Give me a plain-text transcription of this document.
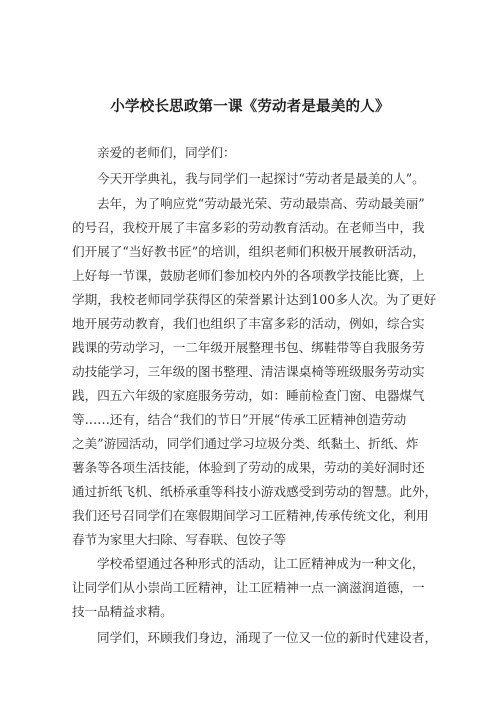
小学校长思政第一课《劳动者是最美的人》
亲爱的老师们，同学们：
今天开学典礼，我与同学们一起探讨“劳动者是最美的人”。
去年，为了响应党“劳动最光荣、劳动最崇高、劳动最美丽”
的号召，我校开展了丰富多彩的劳动教育活动。在老师当中，我
们开展了“当好教书匠”的培训，组织老师们积极开展教研活动，
上好每一节课，鼓励老师们参加校内外的各项教学技能比赛，上
学期，我校老师同学获得区的荣誉累计达到100多人次。为了更好
地开展劳动教育，我们也组织了丰富多彩的活动，例如，综合实
践课的劳动学习，一二年级开展整理书包、绑鞋带等自我服务劳
动技能学习，三年级的图书整理、清洁课桌椅等班级服务劳动实
践，四五六年级的家庭服务劳动，如：睡前检查门窗、电器煤气
等……还有，结合“我们的节日”开展“传承工匠精神创造劳动
之美”游园活动，同学们通过学习垃圾分类、纸黏土、折纸、炸
薯条等各项生活技能，体验到了劳动的成果，劳动的美好洞时还
通过折纸飞机、纸桥承重等科技小游戏感受到劳动的智慧。此外，
我们还号召同学们在寒假期间学习工匠精神,传承传统文化，利用
春节为家里大扫除、写春联、包饺子等
学校希望通过各种形式的活动，让工匠精神成为一种文化，
让同学们从小崇尚工匠精神，让工匠精神一点一滴滋润道德，一
技一品精益求精。
同学们，环顾我们身边，涌现了一位又一位的新时代建设者，
